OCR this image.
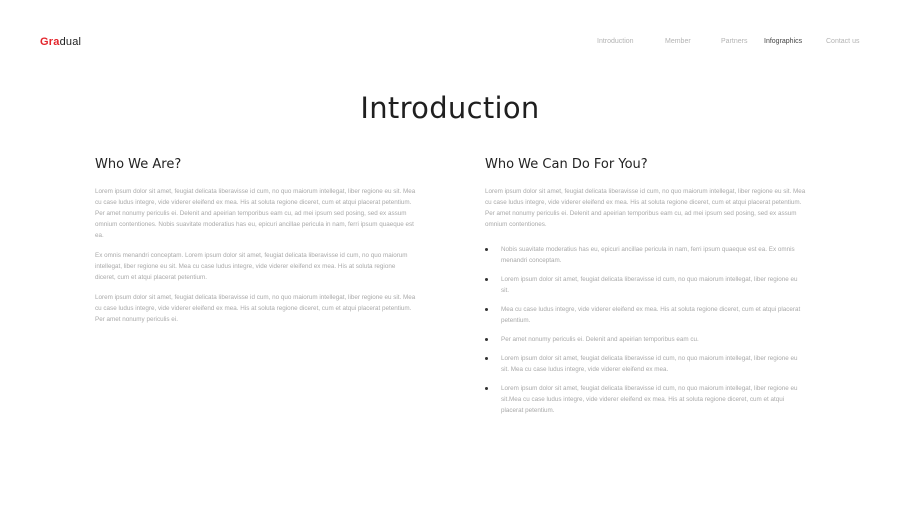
Gradual	Introduction	Member	Partners Infographics	Contact us
Introduction
Who We Are?

Lorem ipsum dolor sit amet, feugiat delicata liberavisse id cum, no quo maiorum intellegat, liber regione eu sit. Mea cu case ludus integre, vide viderer eleifend ex mea. His at soluta regione diceret, cum et atqui placerat petentium. Per amet nonumy periculis ei. Delenit and apeirian temporibus eam cu, ad mei ipsum sed posing, sed ex assum omnium contentiones. Nobis suavitate moderatius has eu, epicuri ancillae pericula in nam, ferri ipsum quaeque est ea.

Ex omnis menandri conceptam. Lorem ipsum dolor sit amet, feugiat delicata liberavisse id cum, no quo maiorum intellegat, liber regione eu sit. Mea cu case ludus integre, vide viderer eleifend ex mea. His at soluta regione diceret, cum et atqui placerat petentium.

Lorem ipsum dolor sit amet, feugiat delicata liberavisse id cum, no quo maiorum intellegat, liber regione eu sit. Mea cu case ludus integre, vide viderer eleifend ex mea. His at soluta regione diceret, cum et atqui placerat petentium. Per amet nonumy periculis ei.

Who We Can Do For You?

Lorem ipsum dolor sit amet, feugiat delicata liberavisse id cum, no quo maiorum intellegat, liber regione eu sit. Mea cu case ludus integre, vide viderer eleifend ex mea. His at soluta regione diceret, cum et atqui placerat petentium. Per amet nonumy periculis ei. Delenit and apeirian temporibus eam cu, ad mei ipsum sed posing, sed ex assum omnium contentiones.

Nobis suavitate moderatius has eu, epicuri ancillae pericula in nam, ferri ipsum quaeque est ea. Ex omnis menandri conceptam.
Lorem ipsum dolor sit amet, feugiat delicata liberavisse id cum, no quo maiorum intellegat, liber regione eu sit.
Mea cu case ludus integre, vide viderer eleifend ex mea. His at soluta regione diceret, cum et atqui placerat petentium.
Per amet nonumy periculis ei. Delenit and apeirian temporibus eam cu.
Lorem ipsum dolor sit amet, feugiat delicata liberavisse id cum, no quo maiorum intellegat, liber regione eu sit. Mea cu case ludus integre, vide viderer eleifend ex mea.
Lorem ipsum dolor sit amet, feugiat delicata liberavisse id cum, no quo maiorum intellegat, liber regione eu sit.Mea cu case ludus integre, vide viderer eleifend ex mea. His at soluta regione diceret, cum et atqui placerat petentium.
